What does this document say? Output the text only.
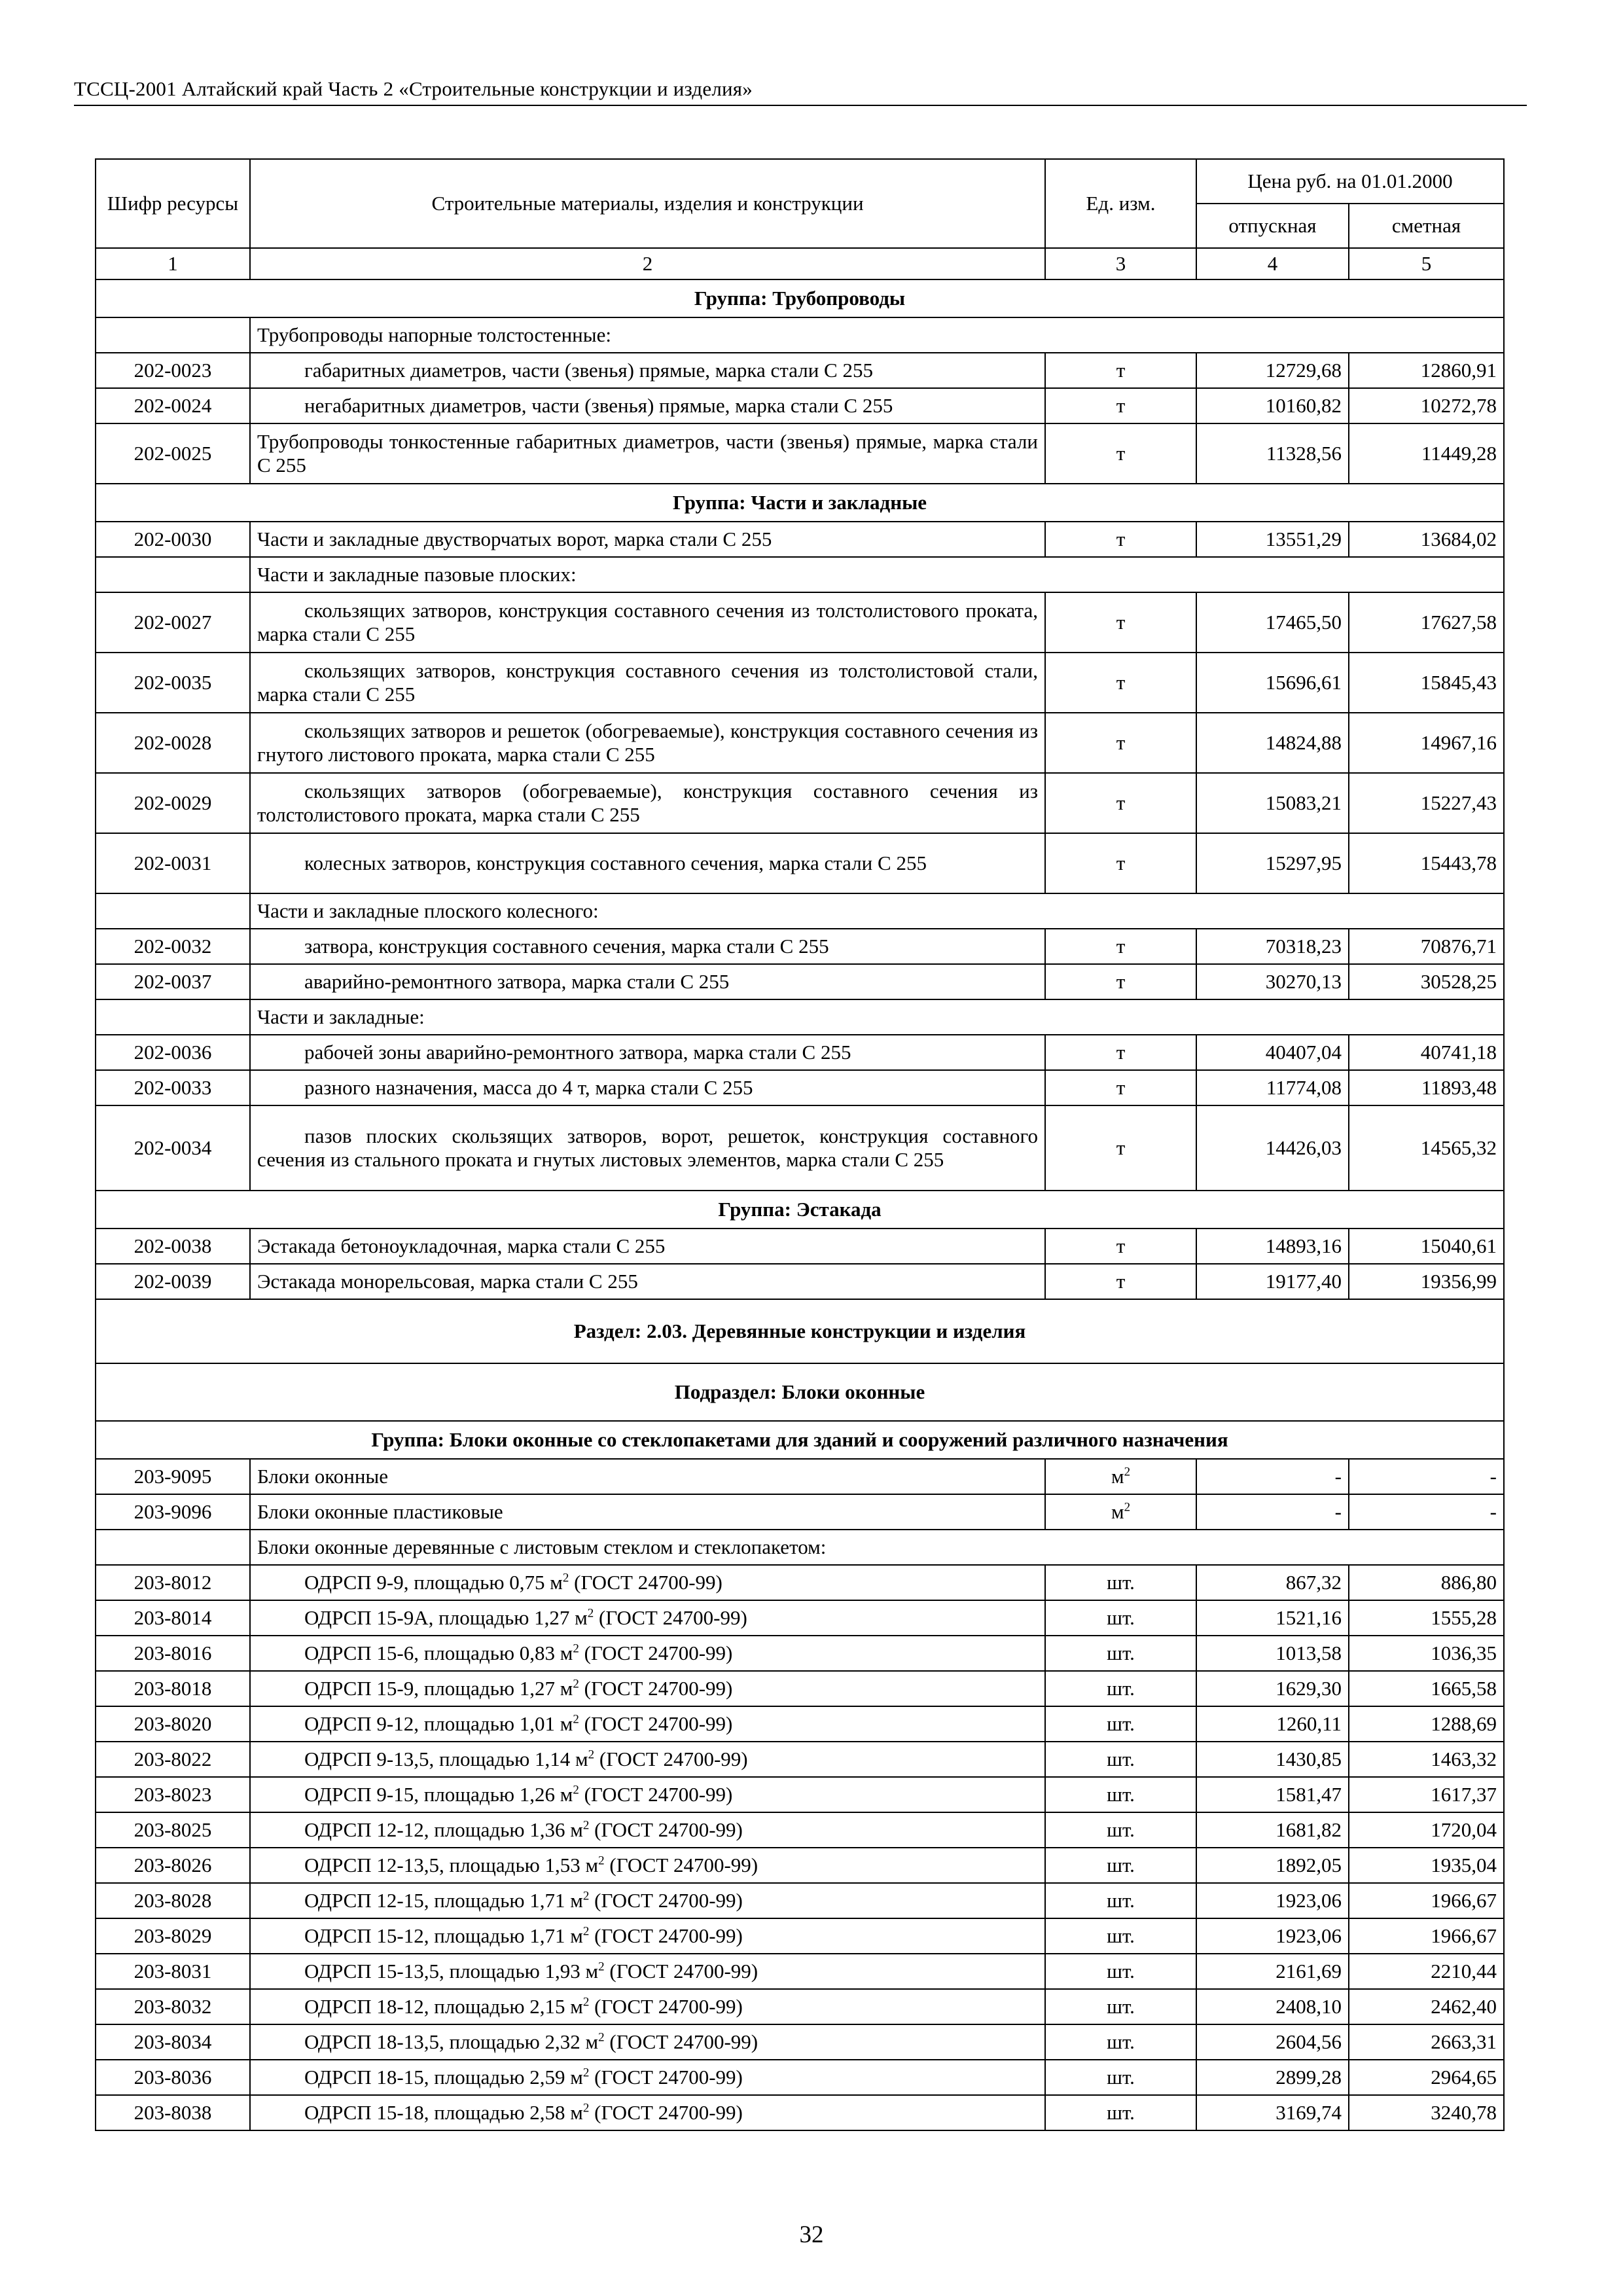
ТССЦ-2001 Алтайский край Часть 2 «Строительные конструкции и изделия»
Шифр ресурсы	Строительные материалы, изделия и конструкции	Ед. изм.	Цена руб. на 01.01.2000	
			отпускная	сметная
1	2	3	4	5
Группа: Трубопроводы				
	Трубопроводы напорные толстостенные:			
202-0023	габаритных диаметров, части (звенья) прямые, марка стали С 255	т	12729,68	12860,91
202-0024	негабаритных диаметров, части (звенья) прямые, марка стали С 255	т	10160,82	10272,78
202-0025	Трубопроводы тонкостенные габаритных диаметров, части (звенья) прямые, марка стали С 255	т	11328,56	11449,28
Группа: Части и закладные				
202-0030	Части и закладные двустворчатых ворот, марка стали С 255	т	13551,29	13684,02
	Части и закладные пазовые плоских:			
202-0027	скользящих затворов, конструкция составного сечения из толстолистового проката, марка стали С 255	т	17465,50	17627,58
202-0035	скользящих затворов, конструкция составного сечения из толстолистовой стали, марка стали С 255	т	15696,61	15845,43
202-0028	скользящих затворов и решеток (обогреваемые), конструкция составного сечения из гнутого листового проката, марка стали С 255	т	14824,88	14967,16
202-0029	скользящих затворов (обогреваемые), конструкция составного сечения из толстолистового проката, марка стали С 255	т	15083,21	15227,43
202-0031	колесных затворов, конструкция составного сечения, марка стали С 255	т	15297,95	15443,78
	Части и закладные плоского колесного:			
202-0032	затвора, конструкция составного сечения, марка стали С 255	т	70318,23	70876,71
202-0037	аварийно-ремонтного затвора, марка стали С 255	т	30270,13	30528,25
	Части и закладные:			
202-0036	рабочей зоны аварийно-ремонтного затвора, марка стали С 255	т	40407,04	40741,18
202-0033	разного назначения, масса до 4 т, марка стали С 255	т	11774,08	11893,48
202-0034	пазов плоских скользящих затворов, ворот, решеток, конструкция составного сечения из стального проката и гнутых листовых элементов, марка стали С 255	т	14426,03	14565,32
Группа: Эстакада				
202-0038	Эстакада бетоноукладочная, марка стали С 255	т	14893,16	15040,61
202-0039	Эстакада монорельсовая, марка стали С 255	т	19177,40	19356,99
Раздел: 2.03. Деревянные конструкции и изделия				
Подраздел: Блоки оконные				
Группа: Блоки оконные со стеклопакетами для зданий и сооружений различного назначения				
203-9095	Блоки оконные	$м^2$	-	-
203-9096	Блоки оконные пластиковые	$м^2$	-	-
	Блоки оконные деревянные с листовым стеклом и стеклопакетом:			
203-8012	ОДРСП 9-9, площадью 0,75 $м^2$ (ГОСТ 24700-99)	шт.	867,32	886,80
203-8014	ОДРСП 15-9А, площадью 1,27 $м^2$ (ГОСТ 24700-99)	шт.	1521,16	1555,28
203-8016	ОДРСП 15-6, площадью 0,83 $м^2$ (ГОСТ 24700-99)	шт.	1013,58	1036,35
203-8018	ОДРСП 15-9, площадью 1,27 $м^2$ (ГОСТ 24700-99)	шт.	1629,30	1665,58
203-8020	ОДРСП 9-12, площадью 1,01 $м^2$ (ГОСТ 24700-99)	шт.	1260,11	1288,69
203-8022	ОДРСП 9-13,5, площадью 1,14 $м^2$ (ГОСТ 24700-99)	шт.	1430,85	1463,32
203-8023	ОДРСП 9-15, площадью 1,26 $м^2$ (ГОСТ 24700-99)	шт.	1581,47	1617,37
203-8025	ОДРСП 12-12, площадью 1,36 $м^2$ (ГОСТ 24700-99)	шт.	1681,82	1720,04
203-8026	ОДРСП 12-13,5, площадью 1,53 $м^2$ (ГОСТ 24700-99)	шт.	1892,05	1935,04
203-8028	ОДРСП 12-15, площадью 1,71 $м^2$ (ГОСТ 24700-99)	шт.	1923,06	1966,67
203-8029	ОДРСП 15-12, площадью 1,71 $м^2$ (ГОСТ 24700-99)	шт.	1923,06	1966,67
203-8031	ОДРСП 15-13,5, площадью 1,93 $м^2$ (ГОСТ 24700-99)	шт.	2161,69	2210,44
203-8032	ОДРСП 18-12, площадью 2,15 $м^2$ (ГОСТ 24700-99)	шт.	2408,10	2462,40
203-8034	ОДРСП 18-13,5, площадью 2,32 $м^2$ (ГОСТ 24700-99)	шт.	2604,56	2663,31
203-8036	ОДРСП 18-15, площадью 2,59 $м^2$ (ГОСТ 24700-99)	шт.	2899,28	2964,65
203-8038	ОДРСП 15-18, площадью 2,58 $м^2$ (ГОСТ 24700-99)	шт.	3169,74	3240,78
32
